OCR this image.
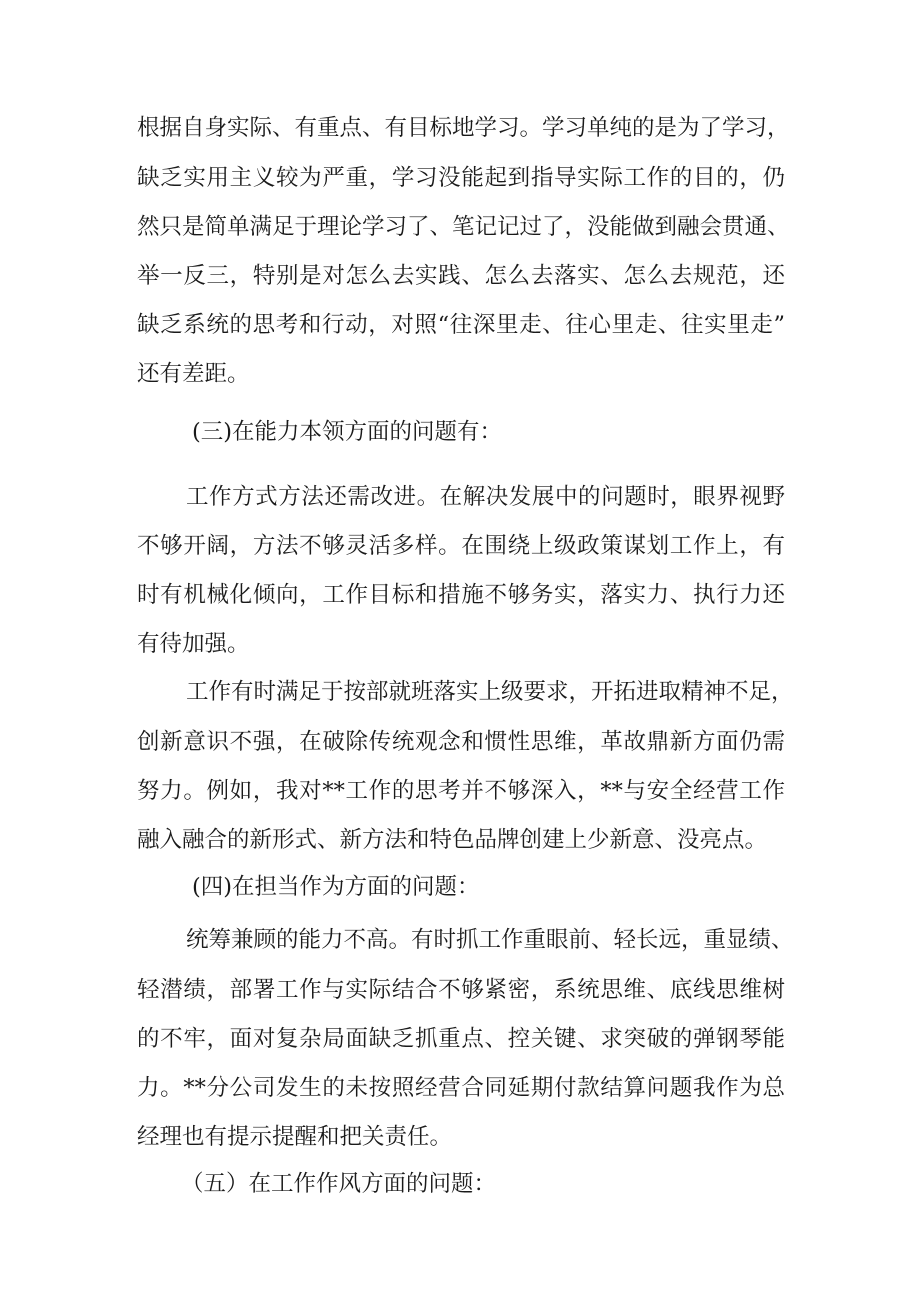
根据自身实际、有重点、有目标地学习。学习单纯的是为了学习，

缺乏实用主义较为严重，学习没能起到指导实际工作的目的，仍

然只是简单满足于理论学习了、笔记记过了，没能做到融会贯通、

举一反三，特别是对怎么去实践、怎么去落实、怎么去规范，还

缺乏系统的思考和行动，对照“往深里走、往心里走、往实里走”

还有差距。

(三)在能力本领方面的问题有：

工作方式方法还需改进。在解决发展中的问题时，眼界视野

不够开阔，方法不够灵活多样。在围绕上级政策谋划工作上，有

时有机械化倾向，工作目标和措施不够务实，落实力、执行力还

有待加强。

工作有时满足于按部就班落实上级要求，开拓进取精神不足，

创新意识不强，在破除传统观念和惯性思维，革故鼎新方面仍需

努力。例如，我对**工作的思考并不够深入，**与安全经营工作

融入融合的新形式、新方法和特色品牌创建上少新意、没亮点。

(四)在担当作为方面的问题：

统筹兼顾的能力不高。有时抓工作重眼前、轻长远，重显绩、

轻潜绩，部署工作与实际结合不够紧密，系统思维、底线思维树

的不牢，面对复杂局面缺乏抓重点、控关键、求突破的弹钢琴能

力。**分公司发生的未按照经营合同延期付款结算问题我作为总

经理也有提示提醒和把关责任。

（五）在工作作风方面的问题：
